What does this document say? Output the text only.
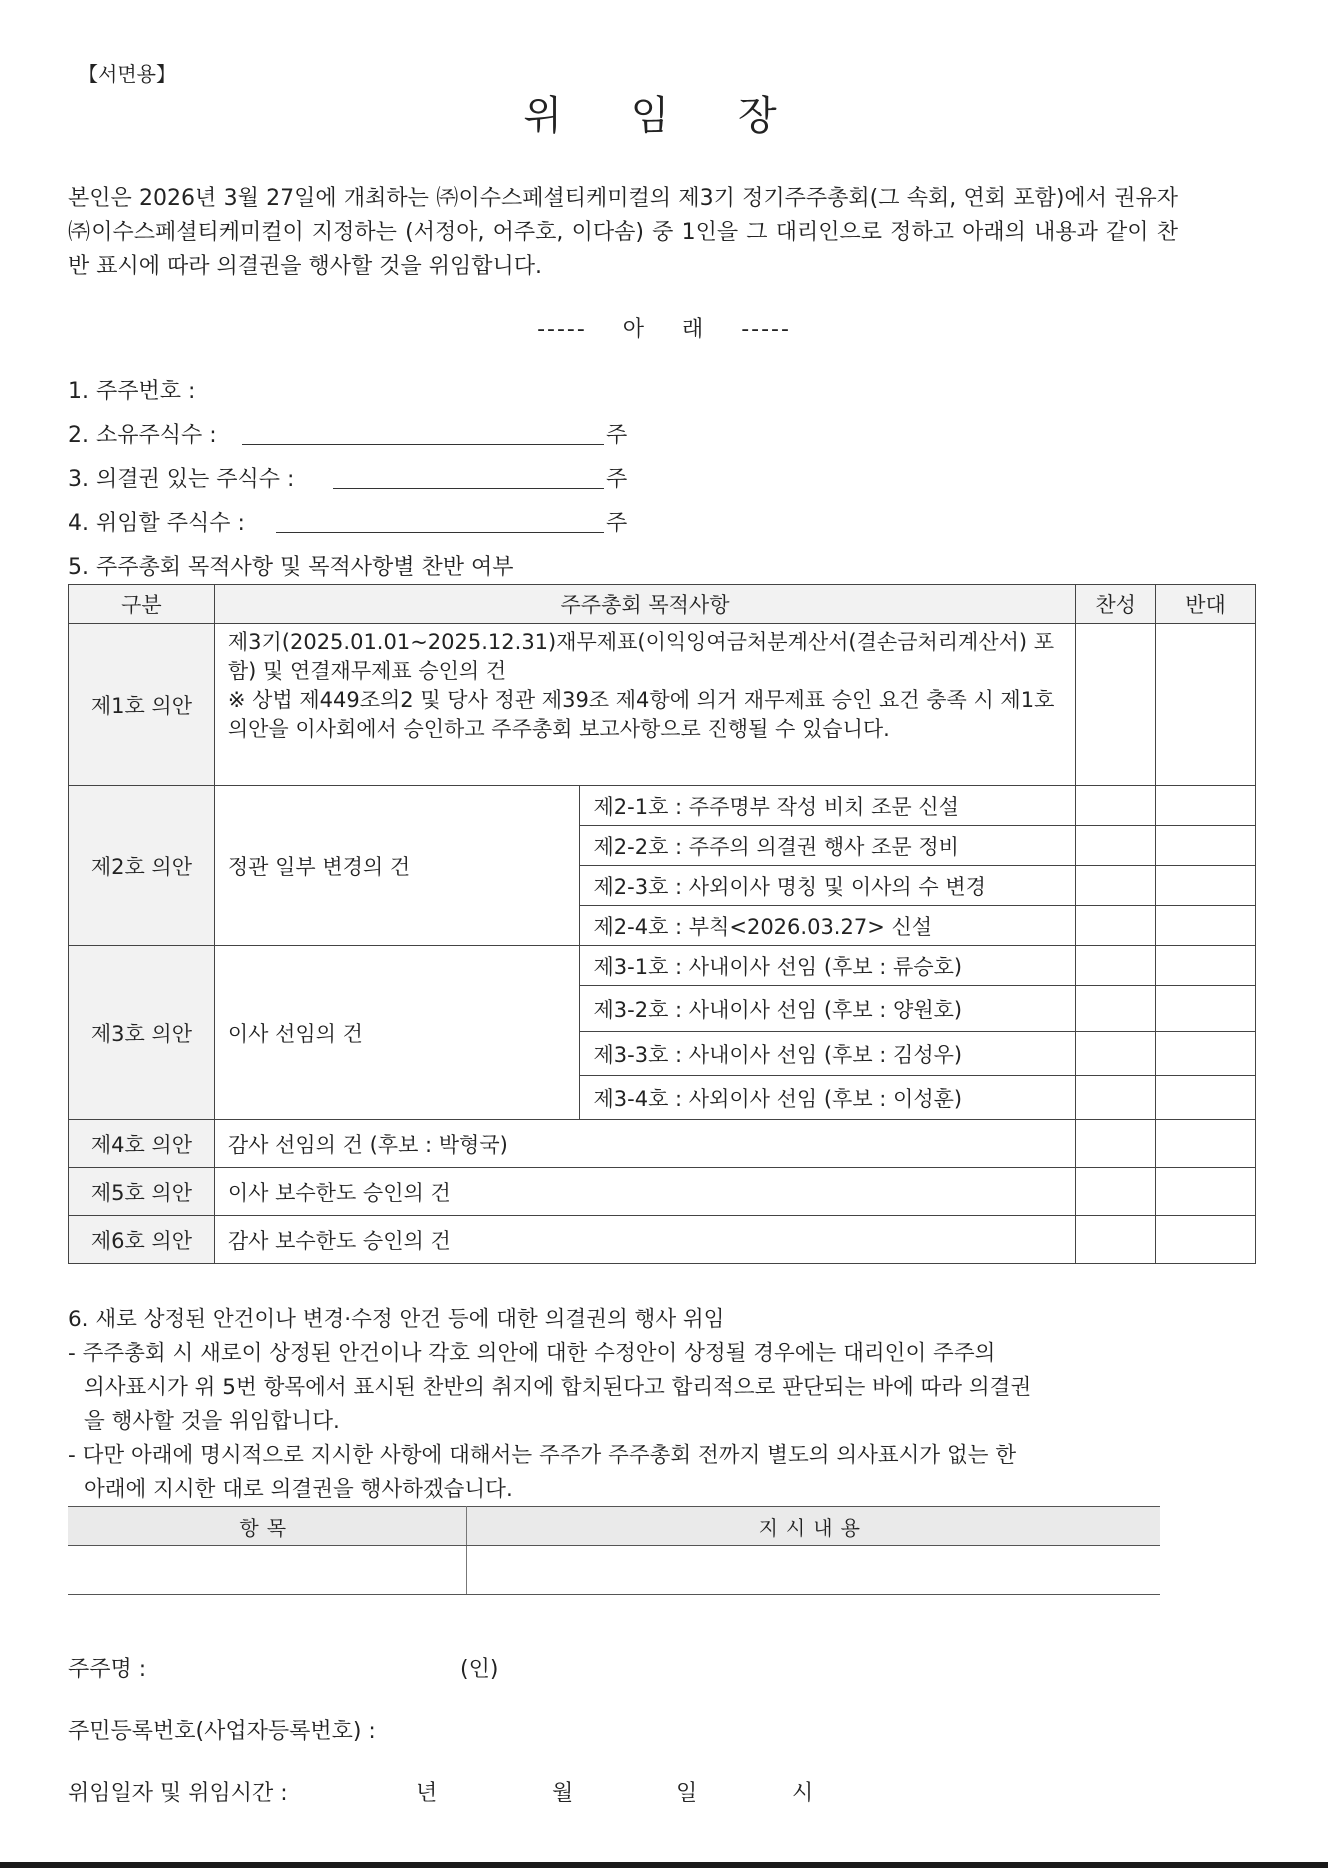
【서면용】
위 임 장
본인은 2026년 3월 27일에 개최하는 ㈜이수스페셜티케미컬의 제3기 정기주주총회(그 속회, 연회 포함)에서 권유자 ㈜이수스페셜티케미컬이 지정하는 (서정아, 어주호, 이다솜) 중 1인을 그 대리인으로 정하고 아래의 내용과 같이 찬반 표시에 따라 의결권을 행사할 것을 위임합니다.
-----    아    래    -----
1. 주주번호 :
2. 소유주식수 :	주
3. 의결권 있는 주식수 :	주
4. 위임할 주식수 :	주
5. 주주총회 목적사항 및 목적사항별 찬반 여부
구분	주주총회 목적사항		찬성	반대
제1호 의안	제3기(2025.01.01~2025.12.31)재무제표(이익잉여금처분계산서(결손금처리계산서) 포함) 및 연결재무제표 승인의 건
※ 상법 제449조의2 및 당사 정관 제39조 제4항에 의거 재무제표 승인 요건 충족 시 제1호 의안을 이사회에서 승인하고 주주총회 보고사항으로 진행될 수 있습니다.			

제2호 의안	정관 일부 변경의 건	제2-1호 : 주주명부 작성 비치 조문 신설		
		제2-2호 : 주주의 의결권 행사 조문 정비		
		제2-3호 : 사외이사 명칭 및 이사의 수 변경		
		제2-4호 : 부칙<2026.03.27> 신설		
제3호 의안	이사 선임의 건	제3-1호 : 사내이사 선임 (후보 : 류승호)		
		제3-2호 : 사내이사 선임 (후보 : 양원호)		
		제3-3호 : 사내이사 선임 (후보 : 김성우)		
		제3-4호 : 사외이사 선임 (후보 : 이성훈)		
제4호 의안	감사 선임의 건 (후보 : 박형국)			
제5호 의안	이사 보수한도 승인의 건			
제6호 의안	감사 보수한도 승인의 건			
6. 새로 상정된 안건이나 변경·수정 안건 등에 대한 의결권의 행사 위임
- 주주총회 시 새로이 상정된 안건이나 각호 의안에 대한 수정안이 상정될 경우에는 대리인이 주주의
의사표시가 위 5번 항목에서 표시된 찬반의 취지에 합치된다고 합리적으로 판단되는 바에 따라 의결권
을 행사할 것을 위임합니다.
- 다만 아래에 명시적으로 지시한 사항에 대해서는 주주가 주주총회 전까지 별도의 의사표시가 없는 한
아래에 지시한 대로 의결권을 행사하겠습니다.
항목	지시내용

주주명 :	(인)
주민등록번호(사업자등록번호) :
위임일자 및 위임시간 :	년	월	일	시
